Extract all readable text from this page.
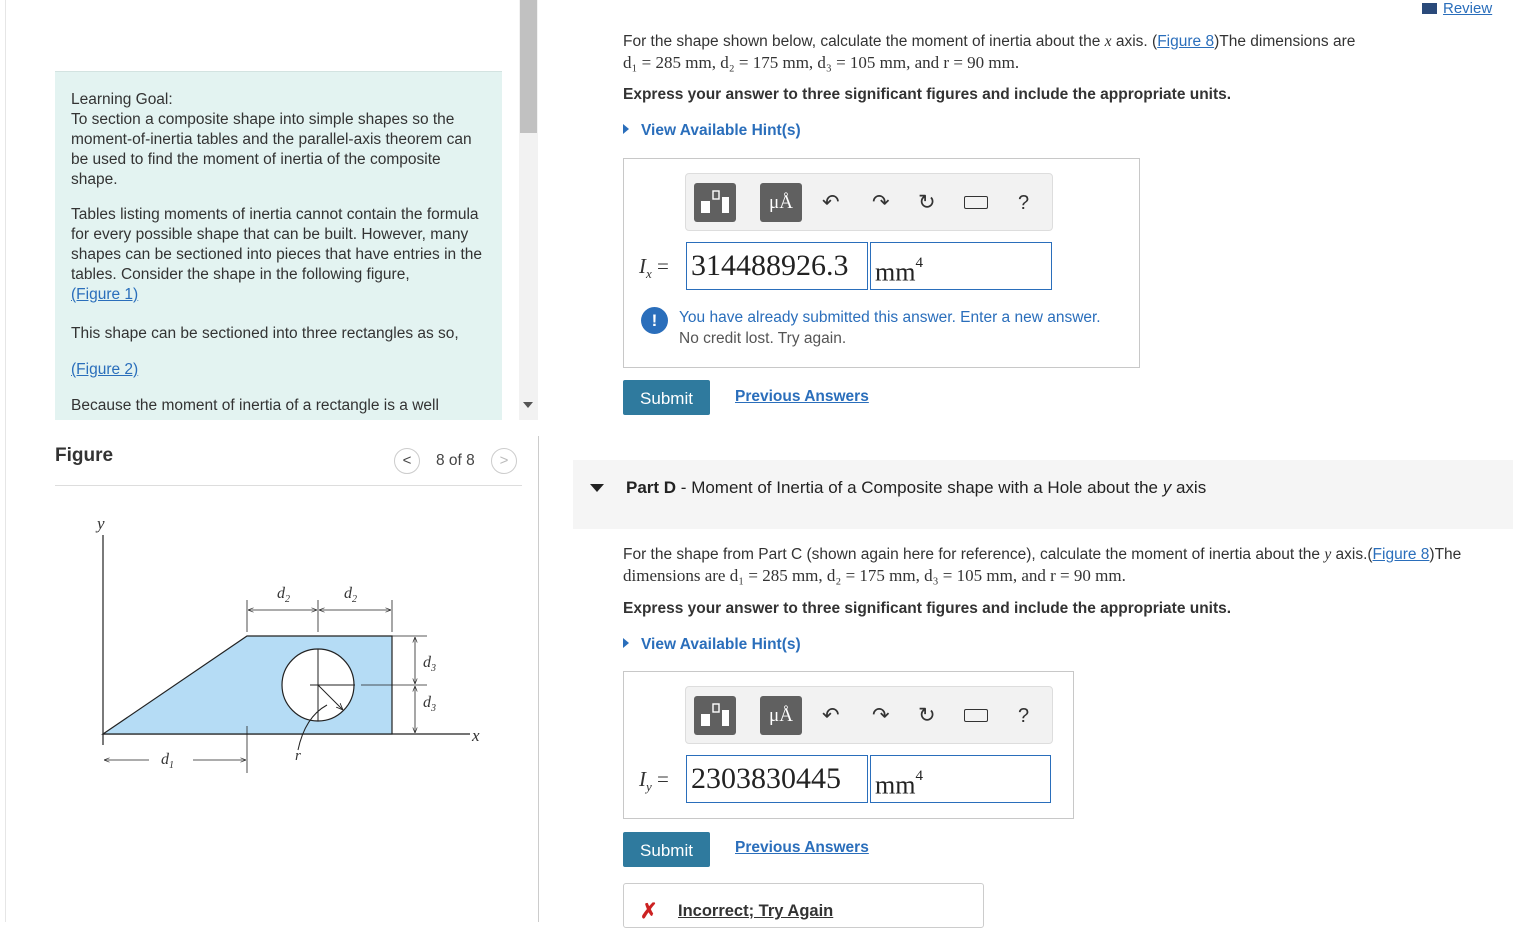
Learning Goal:
To section a composite shape into simple shapes so the moment-of-inertia tables and the parallel-axis theorem can be used to find the moment of inertia of the composite shape.

Tables listing moments of inertia cannot contain the formula for every possible shape that can be built. However, many shapes can be sectioned into pieces that have entries in the tables. Consider the shape in the following figure,
(Figure 1)

This shape can be sectioned into three rectangles as so,

(Figure 2)

Because the moment of inertia of a rectangle is a well

Figure	<	8 of 8	>
y
x
r
$d_2$	$d_2$
$d_3$
$d_3$
$d_1$
Review
For the shape shown below, calculate the moment of inertia about the x axis. (Figure 8)The dimensions are
d₁ = 285 mm, d₂ = 175 mm, d₃ = 105 mm, and r = 90 mm.
Express your answer to three significant figures and include the appropriate units.
View Available Hint(s)
μÅ	↶ ↷ ↻	?
$I_x = 314488926.3$	$mm^4$
!	You have already submitted this answer. Enter a new answer.
No credit lost. Try again.
Submit	Previous Answers
Part D - Moment of Inertia of a Composite shape with a Hole about the y axis
For the shape from Part C (shown again here for reference), calculate the moment of inertia about the y axis.(Figure 8)The
dimensions are d₁ = 285 mm, d₂ = 175 mm, d₃ = 105 mm, and r = 90 mm.
Express your answer to three significant figures and include the appropriate units.
View Available Hint(s)
μÅ	↶ ↷ ↻	?
$I_y = 2303830445$	$mm^4$
Submit	Previous Answers
✗ Incorrect; Try Again
